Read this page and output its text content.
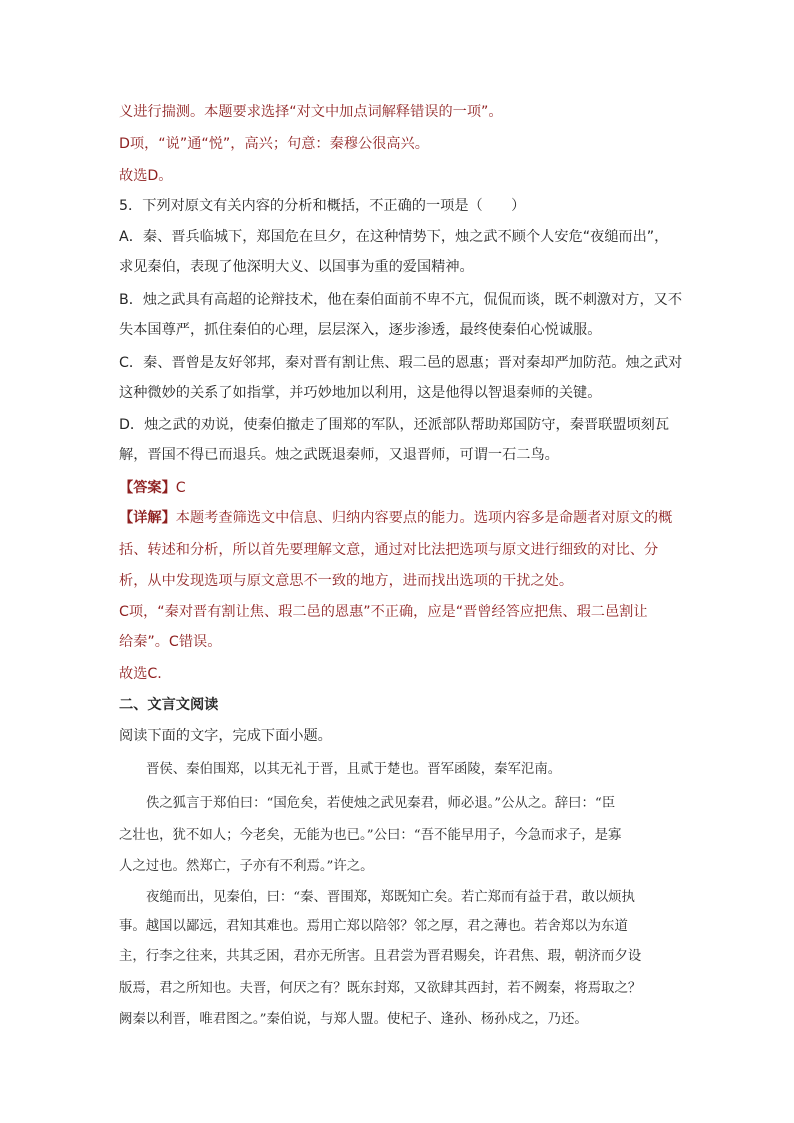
义进行揣测。本题要求选择“对文中加点词解释错误的一项”。
D项，“说”通“悦”，高兴；句意：秦穆公很高兴。
故选D。
5．下列对原文有关内容的分析和概括，不正确的一项是（　　）
A．秦、晋兵临城下，郑国危在旦夕，在这种情势下，烛之武不顾个人安危“夜缒而出”，
求见秦伯，表现了他深明大义、以国事为重的爱国精神。
B．烛之武具有高超的论辩技术，他在秦伯面前不卑不亢，侃侃而谈，既不刺激对方，又不
失本国尊严，抓住秦伯的心理，层层深入，逐步渗透，最终使秦伯心悦诚服。
C．秦、晋曾是友好邻邦，秦对晋有割让焦、瑕二邑的恩惠；晋对秦却严加防范。烛之武对
这种微妙的关系了如指掌，并巧妙地加以利用，这是他得以智退秦师的关键。
D．烛之武的劝说，使秦伯撤走了围郑的军队，还派部队帮助郑国防守，秦晋联盟顷刻瓦
解，晋国不得已而退兵。烛之武既退秦师，又退晋师，可谓一石二鸟。
【答案】C
【详解】本题考查筛选文中信息、归纳内容要点的能力。选项内容多是命题者对原文的概
括、转述和分析，所以首先要理解文意，通过对比法把选项与原文进行细致的对比、分
析，从中发现选项与原文意思不一致的地方，进而找出选项的干扰之处。
C项，“秦对晋有割让焦、瑕二邑的恩惠”不正确，应是“晋曾经答应把焦、瑕二邑割让
给秦”。C错误。
故选C.
二、文言文阅读
阅读下面的文字，完成下面小题。
晋侯、秦伯围郑，以其无礼于晋，且贰于楚也。晋军函陵，秦军氾南。
佚之狐言于郑伯曰：“国危矣，若使烛之武见秦君，师必退。”公从之。辞曰：“臣
之壮也，犹不如人；今老矣，无能为也已。”公曰：“吾不能早用子，今急而求子，是寡
人之过也。然郑亡，子亦有不利焉。”许之。
夜缒而出，见秦伯，曰：“秦、晋围郑，郑既知亡矣。若亡郑而有益于君，敢以烦执
事。越国以鄙远，君知其难也。焉用亡郑以陪邻？邻之厚，君之薄也。若舍郑以为东道
主，行李之往来，共其乏困，君亦无所害。且君尝为晋君赐矣，许君焦、瑕，朝济而夕设
版焉，君之所知也。夫晋，何厌之有？既东封郑，又欲肆其西封，若不阙秦，将焉取之？
阙秦以利晋，唯君图之。”秦伯说，与郑人盟。使杞子、逢孙、杨孙戍之，乃还。
